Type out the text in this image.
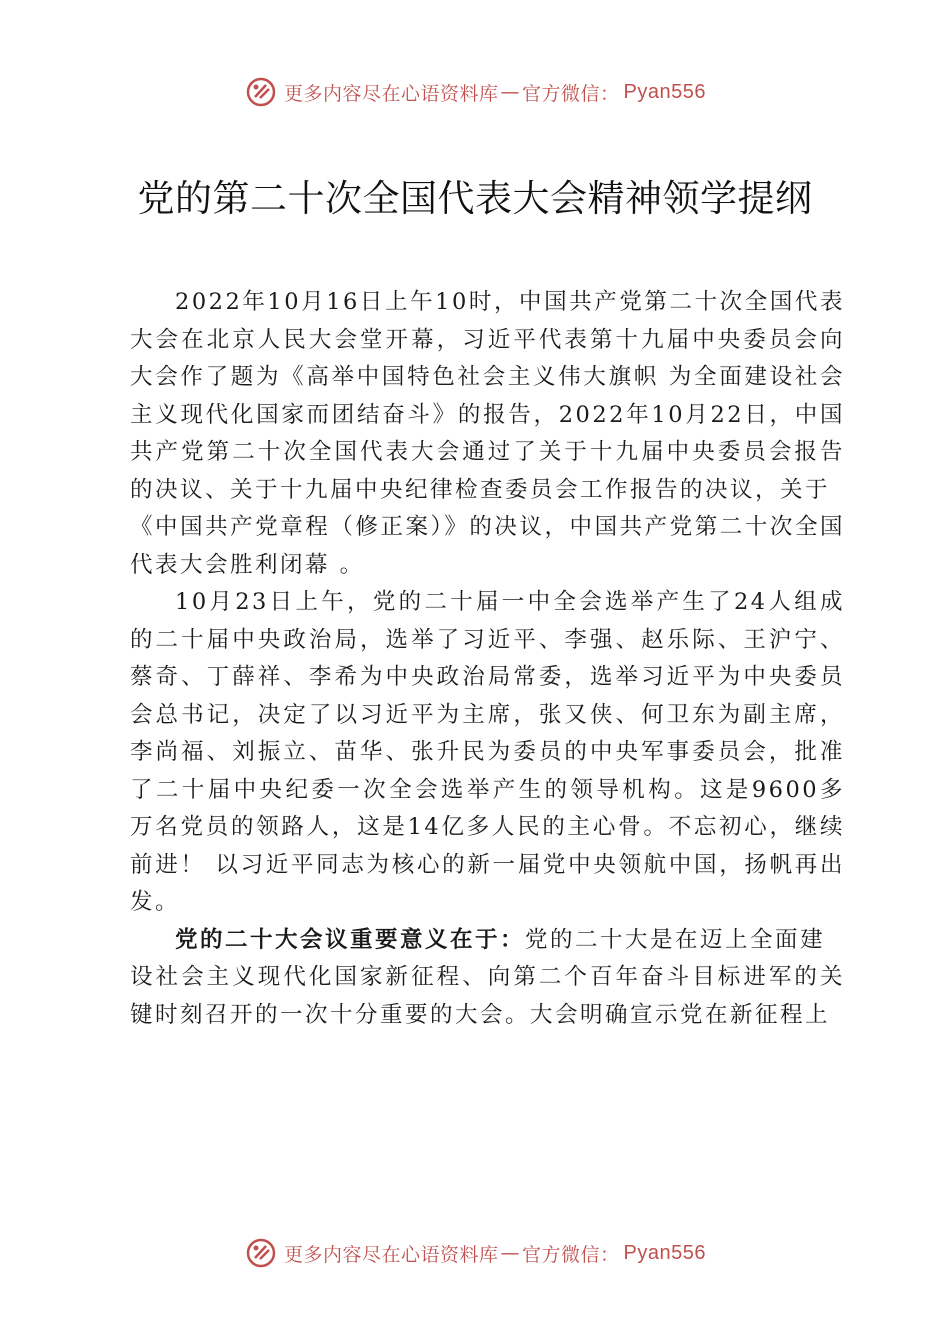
更多内容尽在心语资料库 — 官方微信： Pyan556
党的第二十次全国代表大会精神领学提纲

2022年10月16日上午10时，中国共产党第二十次全国代表大会在北京人民大会堂开幕，习近平代表第十九届中央委员会向大会作了题为《高举中国特色社会主义伟大旗帜 为全面建设社会主义现代化国家而团结奋斗》的报告，2022年10月22日，中国共产党第二十次全国代表大会通过了关于十九届中央委员会报告 的决议、关于十九届中央纪律检查委员会工作报告的决议，关于

《中国共产党章程（修正案）》的决议，中国共产党第二十次全国代表大会胜利闭幕 。

10月23日上午，党的二十届一中全会选举产生了24人组成的二十届中央政治局，选举了习近平、李强、赵乐际、王沪宁、蔡奇、丁薛祥、李希为中央政治局常委，选举习近平为中央委员会总书记，决定了以习近平为主席，张又侠、何卫东为副主席，李尚福、刘振立、苗华、张升民为委员的中央军事委员会，批准了二十届中央纪委一次全会选举产生的领导机构。这是9600多万名党员的领路人，这是14亿多人民的主心骨。不忘初心，继续前进！ 以习近平同志为核心的新一届党中央领航中国，扬帆再出发。

党的二十大会议重要意义在于：党的二十大是在迈上全面建

设社会主义现代化国家新征程、向第二个百年奋斗目标进军的关键时刻召开的一次十分重要的大会。大会明确宣示党在新征程上

更多内容尽在心语资料库 — 官方微信： Pyan556
